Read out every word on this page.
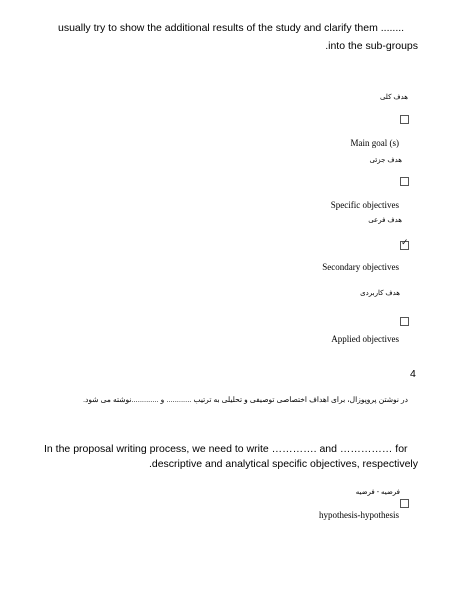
usually try to show the additional results of the study and clarify them ........
.into the sub-groups
هدف کلی
Main goal (s)
هدف جزئی
Specific objectives
هدف فرعی
✓
Secondary objectives
هدف کاربردی
Applied objectives
4
در نوشتن پروپوزال، برای اهداف اختصاصی توصیفی و تحلیلی به ترتیب ............ و .............نوشته می شود.
In the proposal writing process, we need to write …………. and …………… for
.descriptive and analytical specific objectives, respectively
فرضیه - فرضیه
hypothesis-hypothesis
